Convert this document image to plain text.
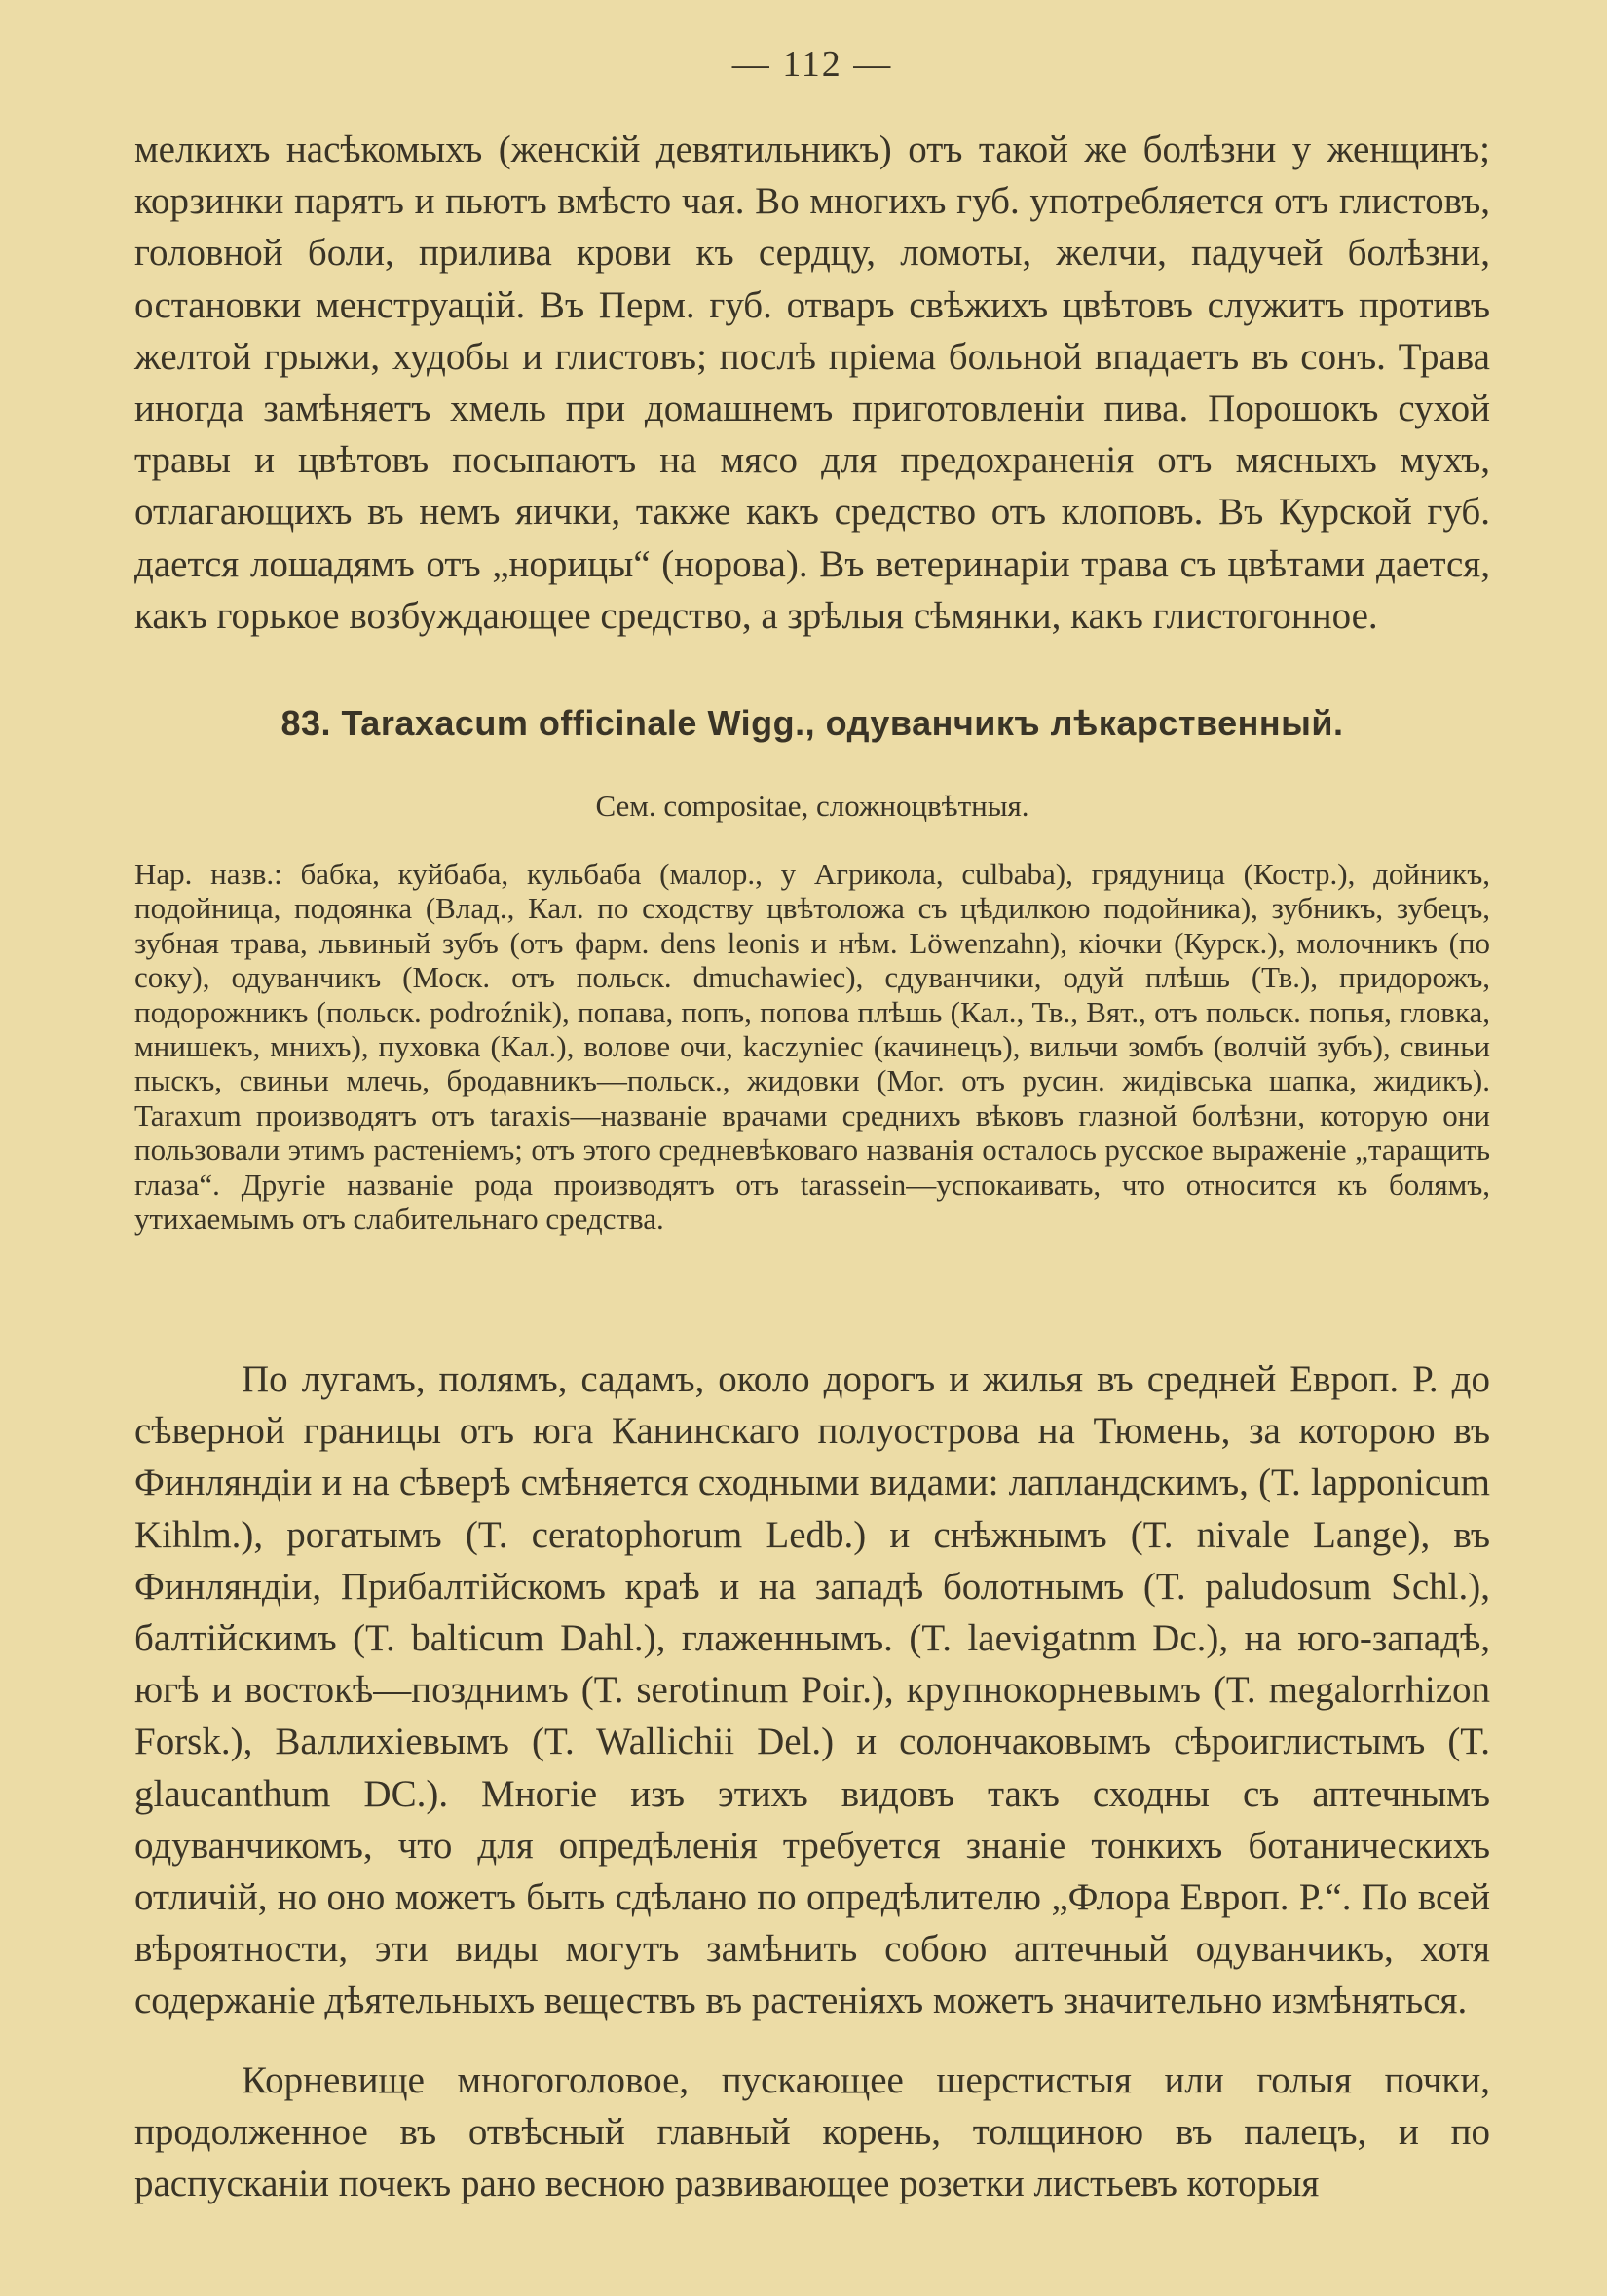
— 112 —

мелкихъ насѣкомыхъ (женскій девятильникъ) отъ такой же болѣзни у женщинъ; корзинки парятъ и пьютъ вмѣсто чая. Во многихъ губ. употребляется отъ глистовъ, головной боли, прилива крови къ сердцу, ломоты, желчи, падучей болѣзни, остановки менструацій. Въ Перм. губ. отваръ свѣжихъ цвѣтовъ служитъ противъ желтой грыжи, худобы и глистовъ; послѣ пріема больной впадаетъ въ сонъ. Трава иногда замѣняетъ хмель при домашнемъ приготовленіи пива. Порошокъ сухой травы и цвѣтовъ посыпаютъ на мясо для предохраненія отъ мясныхъ мухъ, отлагающихъ въ немъ яички, также какъ средство отъ клоповъ. Въ Курской губ. дается лошадямъ отъ „норицы“ (норова). Въ ветеринаріи трава съ цвѣтами дается, какъ горькое возбуждающее средство, а зрѣлыя сѣмянки, какъ глистогонное.

83. Taraxacum officinale Wigg., одуванчикъ лѣкарственный.
Сем. compositae, сложноцвѣтныя.

Нар. назв.: бабка, куйбаба, кульбаба (малор., у Агрикола, culbaba), грядуница (Костр.), дойникъ, подойница, подоянка (Влад., Кал. по сходству цвѣтоложа съ цѣдилкою подойника), зубникъ, зубецъ, зубная трава, львиный зубъ (отъ фарм. dens leonis и нѣм. Löwenzahn), кіочки (Курск.), молочникъ (по соку), одуванчикъ (Моск. отъ польск. dmuchawiec), сдуванчики, одуй плѣшь (Тв.), придорожъ, подорожникъ (польск. podroźnik), попава, попъ, попова плѣшь (Кал., Тв., Вят., отъ польск. попья, гловка, мнишекъ, мнихъ), пуховка (Кал.), волове очи, kaczyniec (качинецъ), вильчи зомбъ (волчій зубъ), свиньи пыскъ, свиньи млечь, бродавникъ—польск., жидовки (Мог. отъ русин. жидівська шапка, жидикъ). Taraxum производятъ отъ taraxis—названіе врачами среднихъ вѣковъ глазной болѣзни, которую они пользовали этимъ растеніемъ; отъ этого средневѣковаго названія осталось русское выраженіе „таращить глаза“. Другіе названіе рода производятъ отъ tarassein—успокаивать, что относится къ болямъ, утихаемымъ отъ слабительнаго средства.

По лугамъ, полямъ, садамъ, около дорогъ и жилья въ средней Европ. Р. до сѣверной границы отъ юга Канинскаго полуострова на Тюмень, за которою въ Финляндіи и на сѣверѣ смѣняется сходными видами: лапландскимъ, (T. lapponicum Kihlm.), рогатымъ (T. ceratophorum Ledb.) и снѣжнымъ (T. nivale Lange), въ Финляндіи, Прибалтійскомъ краѣ и на западѣ болотнымъ (T. paludosum Schl.), балтійскимъ (T. balticum Dahl.), глаженнымъ. (T. laevigatnm Dc.), на юго-западѣ, югѣ и востокѣ—позднимъ (T. serotinum Poir.), крупнокорневымъ (T. megalorrhizon Forsk.), Валлихіевымъ (T. Wallichii Del.) и солончаковымъ сѣроиглистымъ (T. glaucanthum DC.). Многіе изъ этихъ видовъ такъ сходны съ аптечнымъ одуванчикомъ, что для опредѣленія требуется знаніе тонкихъ ботаническихъ отличій, но оно можетъ быть сдѣлано по опредѣлителю „Флора Европ. Р.“. По всей вѣроятности, эти виды могутъ замѣнить собою аптечный одуванчикъ, хотя содержаніе дѣятельныхъ веществъ въ растеніяхъ можетъ значительно измѣняться.

Корневище многоголовое, пускающее шерстистыя или голыя почки, продолженное въ отвѣсный главный корень, толщиною въ палецъ, и по распусканіи почекъ рано весною развивающее розетки листьевъ которыя
